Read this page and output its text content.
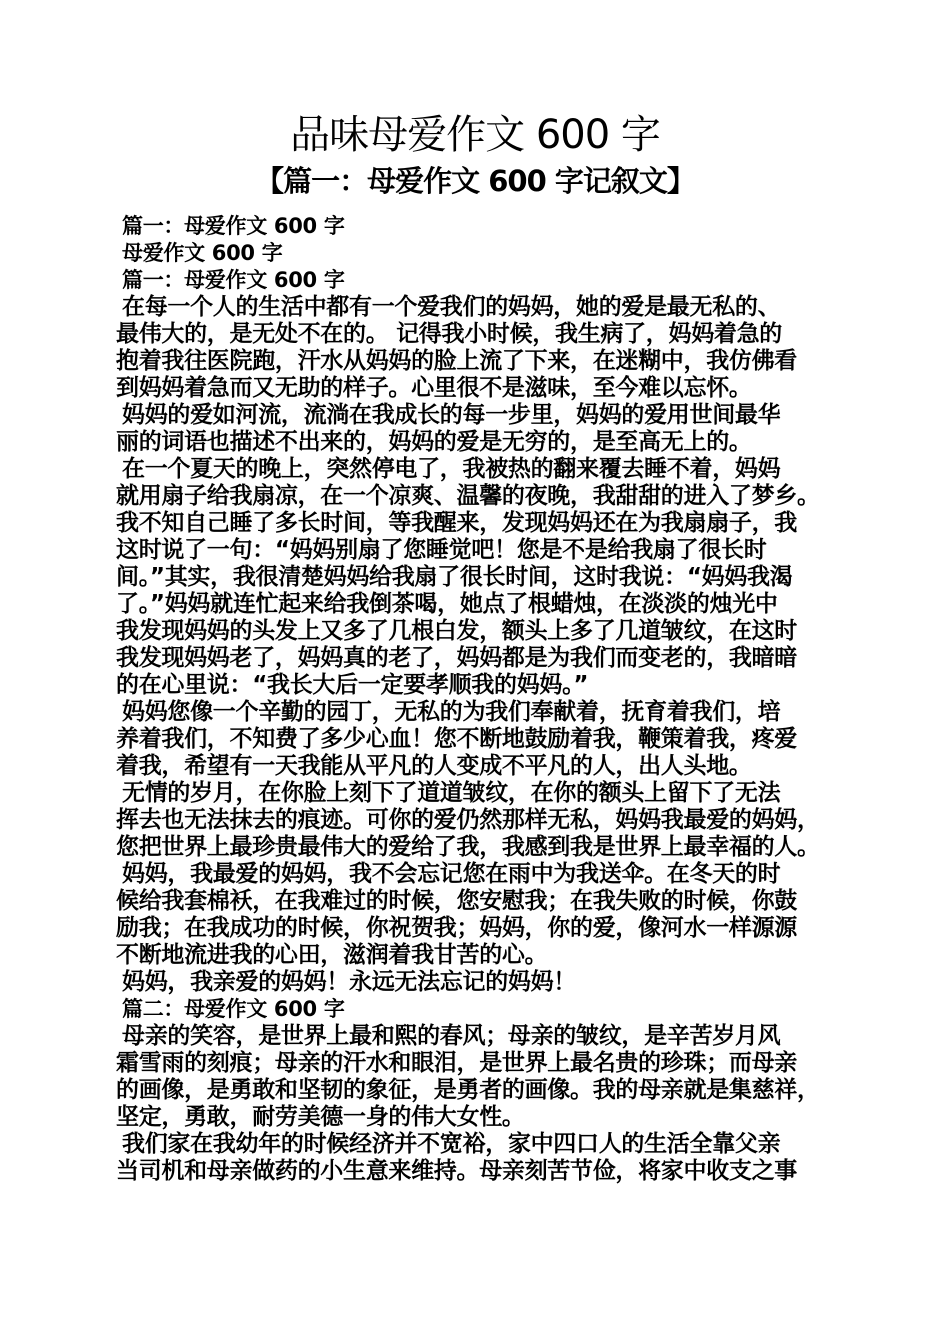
品味母爱作文 600 字
【篇一：母爱作文 600 字记叙文】
篇一：母爱作文 600 字
母爱作文 600 字
篇一：母爱作文 600 字
在每一个人的生活中都有一个爱我们的妈妈，她的爱是最无私的、
最伟大的，是无处不在的。 记得我小时候，我生病了，妈妈着急的
抱着我往医院跑，汗水从妈妈的脸上流了下来，在迷糊中，我仿佛看
到妈妈着急而又无助的样子。心里很不是滋味，至今难以忘怀。
妈妈的爱如河流，流淌在我成长的每一步里，妈妈的爱用世间最华
丽的词语也描述不出来的，妈妈的爱是无穷的，是至高无上的。
在一个夏天的晚上，突然停电了，我被热的翻来覆去睡不着，妈妈
就用扇子给我扇凉，在一个凉爽、温馨的夜晚，我甜甜的进入了梦乡。
我不知自己睡了多长时间，等我醒来，发现妈妈还在为我扇扇子，我
这时说了一句：“妈妈别扇了您睡觉吧！您是不是给我扇了很长时
间。”其实，我很清楚妈妈给我扇了很长时间，这时我说：“妈妈我渴
了。”妈妈就连忙起来给我倒茶喝，她点了根蜡烛，在淡淡的烛光中
我发现妈妈的头发上又多了几根白发，额头上多了几道皱纹，在这时
我发现妈妈老了，妈妈真的老了，妈妈都是为我们而变老的，我暗暗
的在心里说：“我长大后一定要孝顺我的妈妈。”
妈妈您像一个辛勤的园丁，无私的为我们奉献着，抚育着我们，培
养着我们，不知费了多少心血！您不断地鼓励着我，鞭策着我，疼爱
着我，希望有一天我能从平凡的人变成不平凡的人，出人头地。
无情的岁月，在你脸上刻下了道道皱纹，在你的额头上留下了无法
挥去也无法抹去的痕迹。可你的爱仍然那样无私，妈妈我最爱的妈妈，
您把世界上最珍贵最伟大的爱给了我，我感到我是世界上最幸福的人。
妈妈，我最爱的妈妈，我不会忘记您在雨中为我送伞。在冬天的时
候给我套棉袄，在我难过的时候，您安慰我；在我失败的时候，你鼓
励我；在我成功的时候，你祝贺我；妈妈，你的爱，像河水一样源源
不断地流进我的心田，滋润着我甘苦的心。
妈妈，我亲爱的妈妈！永远无法忘记的妈妈！
篇二：母爱作文 600 字
母亲的笑容，是世界上最和熙的春风；母亲的皱纹，是辛苦岁月风
霜雪雨的刻痕；母亲的汗水和眼泪，是世界上最名贵的珍珠；而母亲
的画像，是勇敢和坚韧的象征，是勇者的画像。我的母亲就是集慈祥，
坚定，勇敢，耐劳美德一身的伟大女性。
我们家在我幼年的时候经济并不宽裕，家中四口人的生活全靠父亲
当司机和母亲做药的小生意来维持。母亲刻苦节俭，将家中收支之事
